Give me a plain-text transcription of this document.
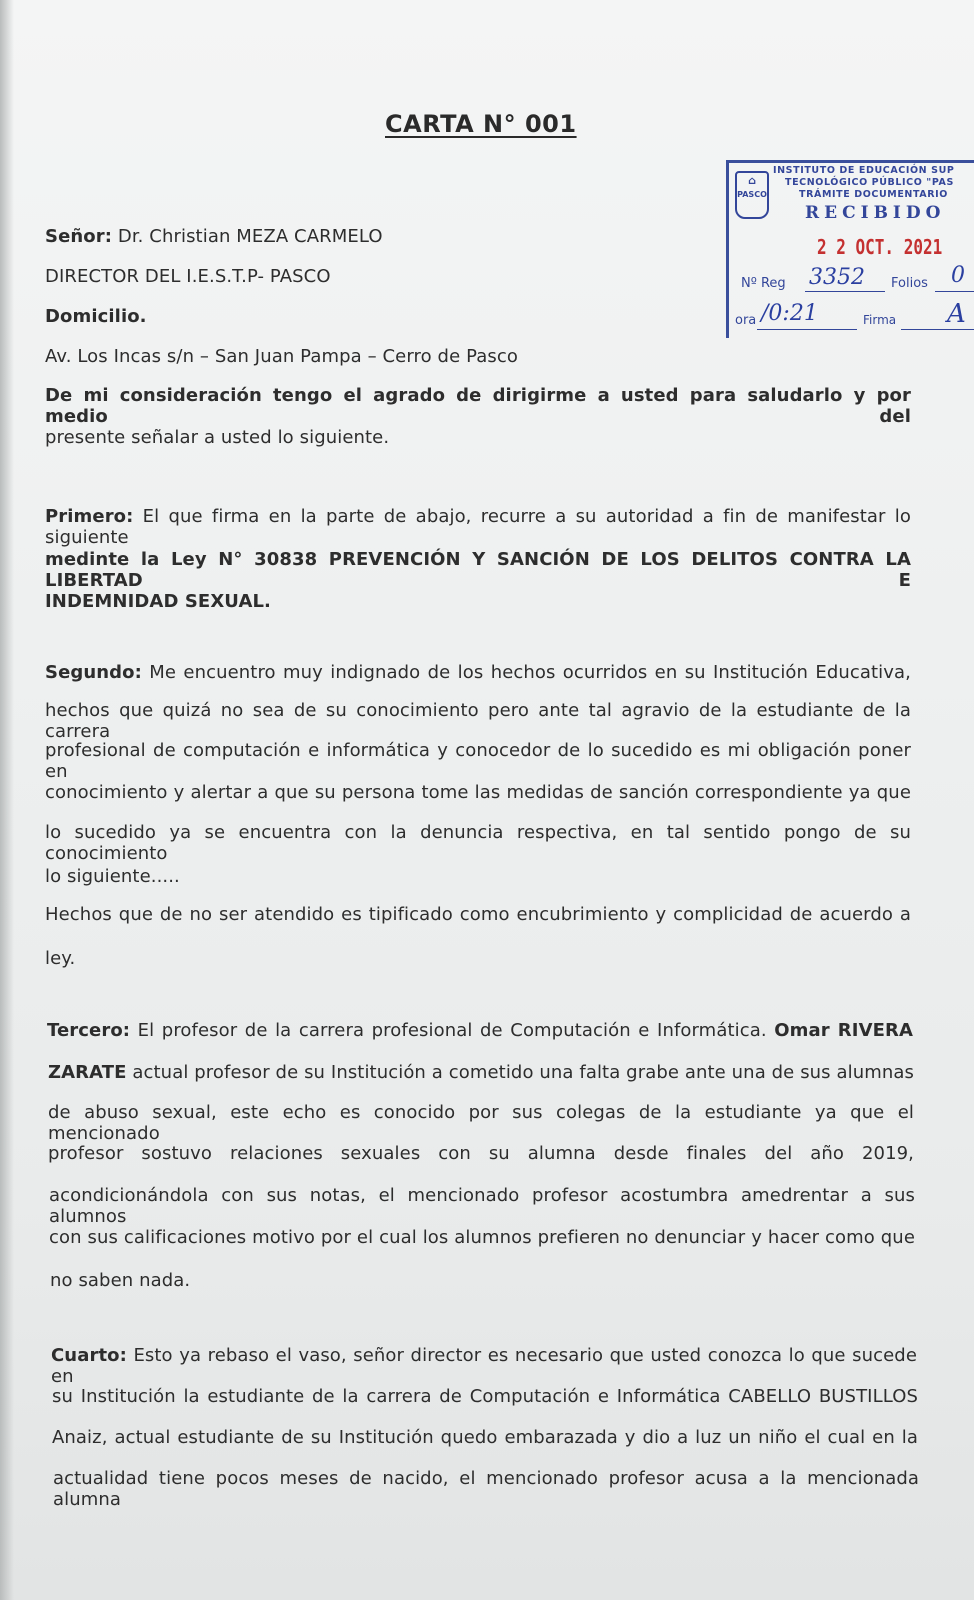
CARTA N° 001
⌂
PASCO
INSTITUTO DE EDUCACIÓN SUP
TECNOLÓGICO PÚBLICO "PAS
TRÁMITE DOCUMENTARIO
RECIBIDO
2 2 OCT. 2021
Nº Reg 3352 Folios 0
ora /0:21	Firma A
Señor: Dr. Christian MEZA CARMELO
DIRECTOR DEL I.E.S.T.P- PASCO
Domicilio.
Av. Los Incas s/n – San Juan Pampa – Cerro de Pasco
De mi consideración tengo el agrado de dirigirme a usted para saludarlo y por medio del
presente señalar a usted lo siguiente.
Primero: El que firma en la parte de abajo, recurre a su autoridad a fin de manifestar lo siguiente
medinte la Ley N° 30838 PREVENCIÓN Y SANCIÓN DE LOS DELITOS CONTRA LA LIBERTAD E
INDEMNIDAD SEXUAL.
Segundo: Me encuentro muy indignado de los hechos ocurridos en su Institución Educativa,
hechos que quizá no sea de su conocimiento pero ante tal agravio de la estudiante de la carrera
profesional de computación e informática y conocedor de lo sucedido es mi obligación poner en
conocimiento y alertar a que su persona tome las medidas de sanción correspondiente ya que
lo sucedido ya se encuentra con la denuncia respectiva, en tal sentido pongo de su conocimiento
lo siguiente.....
Hechos que de no ser atendido es tipificado como encubrimiento y complicidad de acuerdo a
ley.
Tercero: El profesor de la carrera profesional de Computación e Informática. Omar RIVERA
ZARATE actual profesor de su Institución a cometido una falta grabe ante una de sus alumnas
de abuso sexual, este echo es conocido por sus colegas de la estudiante ya que el mencionado
profesor sostuvo relaciones sexuales con su alumna desde finales del año 2019,
acondicionándola con sus notas, el mencionado profesor acostumbra amedrentar a sus alumnos
con sus calificaciones motivo por el cual los alumnos prefieren no denunciar y hacer como que
no saben nada.
Cuarto: Esto ya rebaso el vaso, señor director es necesario que usted conozca lo que sucede en
su Institución la estudiante de la carrera de Computación e Informática CABELLO BUSTILLOS
Anaiz, actual estudiante de su Institución quedo embarazada y dio a luz un niño el cual en la
actualidad tiene pocos meses de nacido, el mencionado profesor acusa a la mencionada alumna
